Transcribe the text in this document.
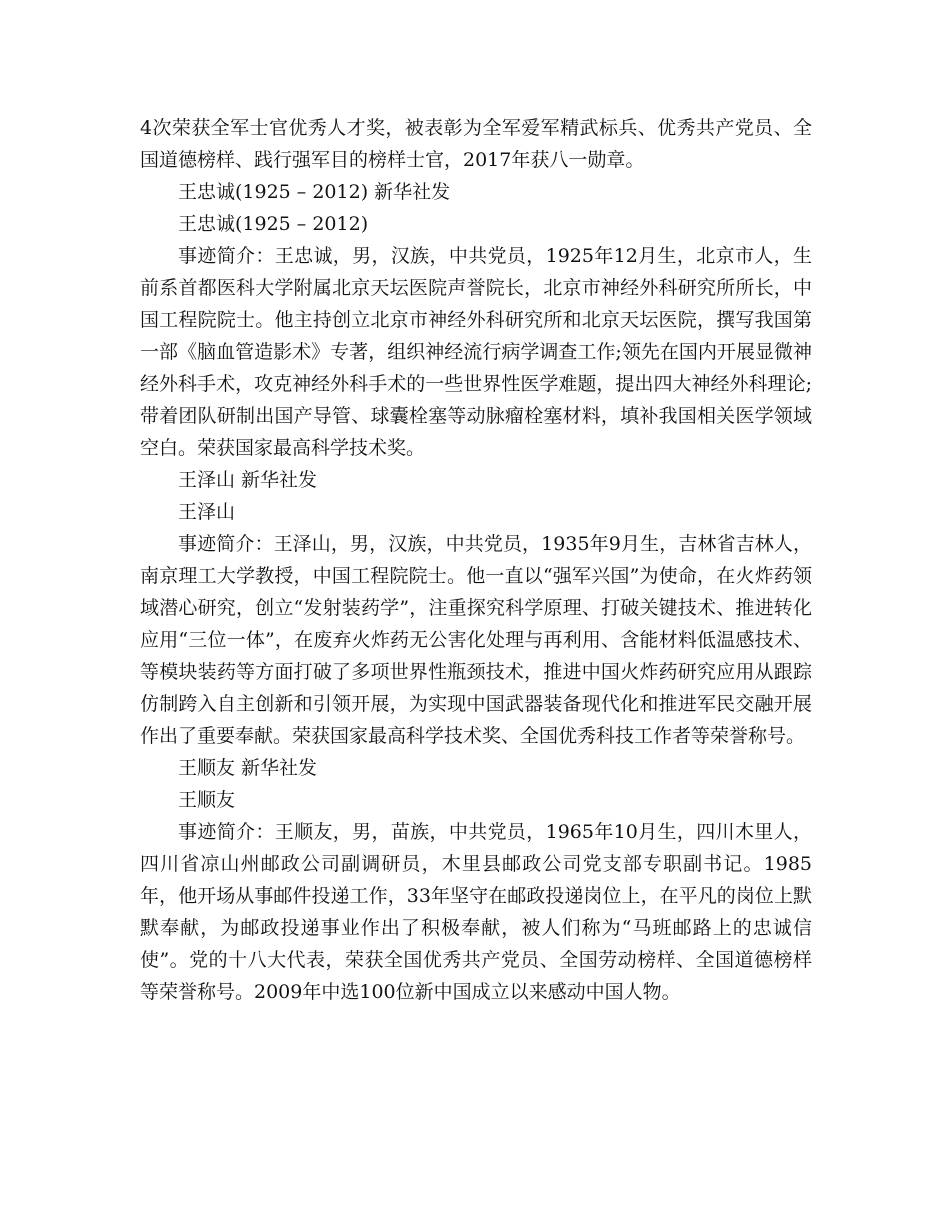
4次荣获全军士官优秀人才奖，被表彰为全军爱军精武标兵、优秀共产党员、全国道德榜样、践行强军目的榜样士官，2017年获八一勋章。

王忠诚(1925 – 2012) 新华社发

王忠诚(1925 – 2012)

事迹简介：王忠诚，男，汉族，中共党员，1925年12月生，北京市人，生前系首都医科大学附属北京天坛医院声誉院长，北京市神经外科研究所所长，中国工程院院士。他主持创立北京市神经外科研究所和北京天坛医院，撰写我国第一部《脑血管造影术》专著，组织神经流行病学调查工作;领先在国内开展显微神经外科手术，攻克神经外科手术的一些世界性医学难题，提出四大神经外科理论;带着团队研制出国产导管、球囊栓塞等动脉瘤栓塞材料，填补我国相关医学领域空白。荣获国家最高科学技术奖。

王泽山 新华社发

王泽山

事迹简介：王泽山，男，汉族，中共党员，1935年9月生，吉林省吉林人，南京理工大学教授，中国工程院院士。他一直以“强军兴国”为使命，在火炸药领域潜心研究，创立“发射装药学”，注重探究科学原理、打破关键技术、推进转化应用“三位一体”，在废弃火炸药无公害化处理与再利用、含能材料低温感技术、等模块装药等方面打破了多项世界性瓶颈技术，推进中国火炸药研究应用从跟踪仿制跨入自主创新和引领开展，为实现中国武器装备现代化和推进军民交融开展作出了重要奉献。荣获国家最高科学技术奖、全国优秀科技工作者等荣誉称号。

王顺友 新华社发

王顺友

事迹简介：王顺友，男，苗族，中共党员，1965年10月生，四川木里人，四川省凉山州邮政公司副调研员，木里县邮政公司党支部专职副书记。1985年，他开场从事邮件投递工作，33年坚守在邮政投递岗位上，在平凡的岗位上默默奉献，为邮政投递事业作出了积极奉献，被人们称为“马班邮路上的忠诚信使”。党的十八大代表，荣获全国优秀共产党员、全国劳动榜样、全国道德榜样等荣誉称号。2009年中选100位新中国成立以来感动中国人物。
